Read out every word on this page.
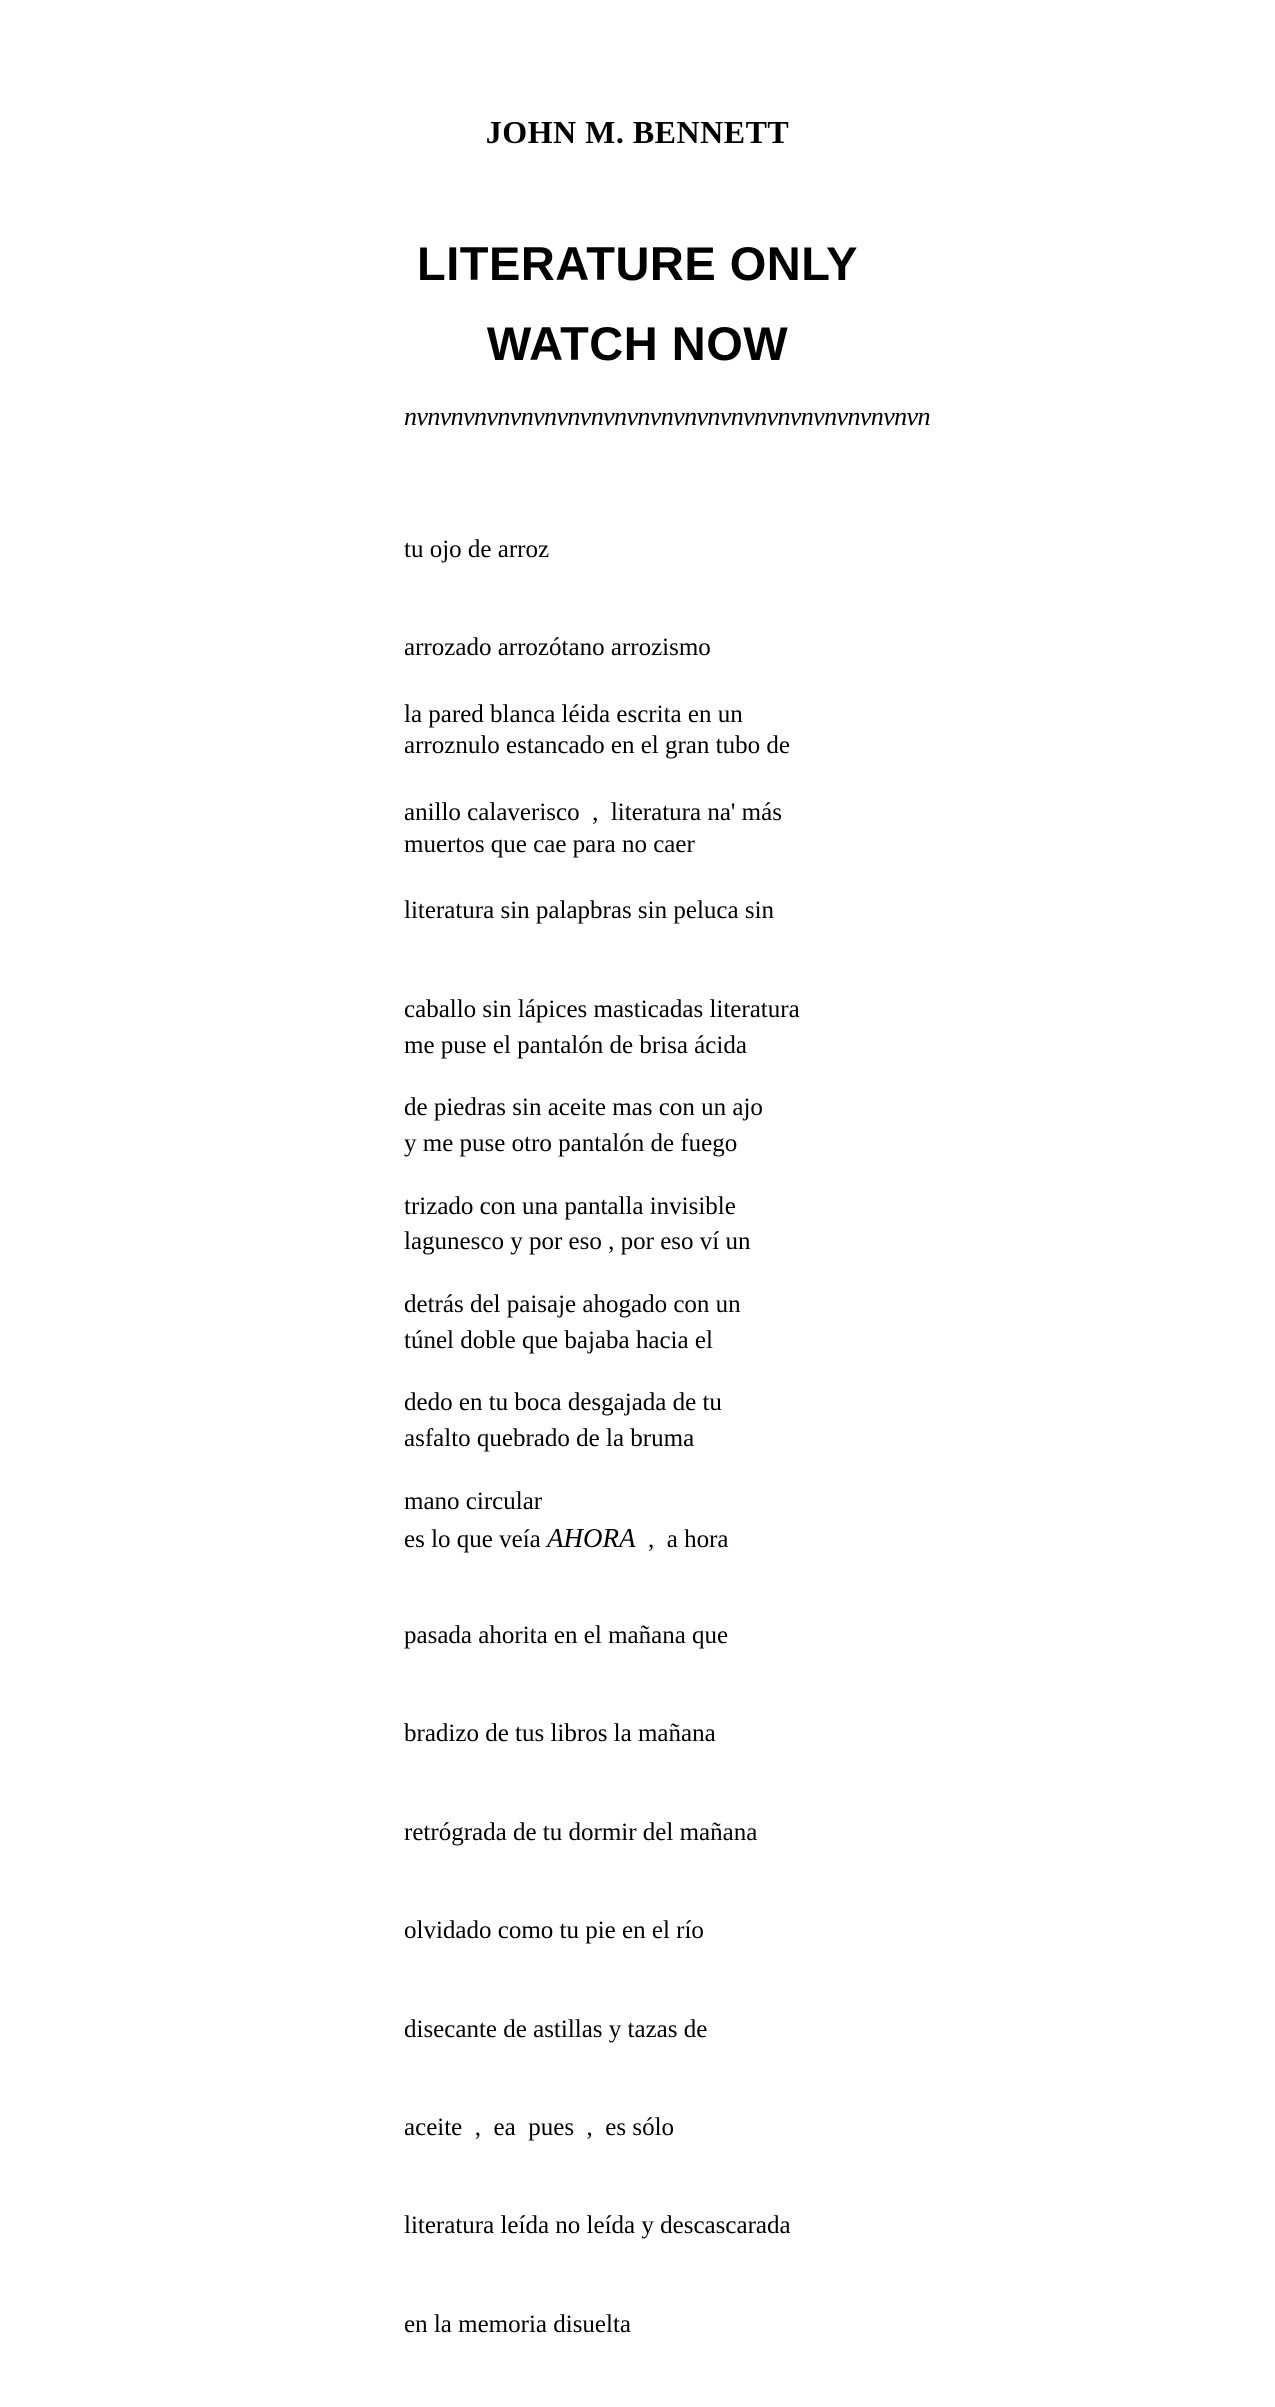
JOHN M. BENNETT
LITERATURE ONLY
WATCH NOW
nvnvnvnvnvnvnvnvnvnvnvnvnvnvnvnvnvnvnvnvnvnvn

tu ojo de arroz

arrozado arrozótano arrozismo

arroznulo estancado en el gran tubo de

muertos que cae para no caer

la pared blanca léida escrita en un

anillo calaverisco  ,  literatura na' más

literatura sin palapbras sin peluca sin

caballo sin lápices masticadas literatura

de piedras sin aceite mas con un ajo

trizado con una pantalla invisible

detrás del paisaje ahogado con un

dedo en tu boca desgajada de tu

mano circular

me puse el pantalón de brisa ácida

y me puse otro pantalón de fuego

lagunesco y por eso , por eso ví un

túnel doble que bajaba hacia el

asfalto quebrado de la bruma

es lo que veía AHORA  ,  a hora

pasada ahorita en el mañana que

bradizo de tus libros la mañana

retrógrada de tu dormir del mañana

olvidado como tu pie en el río

disecante de astillas y tazas de

aceite  ,  ea  pues  ,  es sólo

literatura leída no leída y descascarada

en la memoria disuelta
